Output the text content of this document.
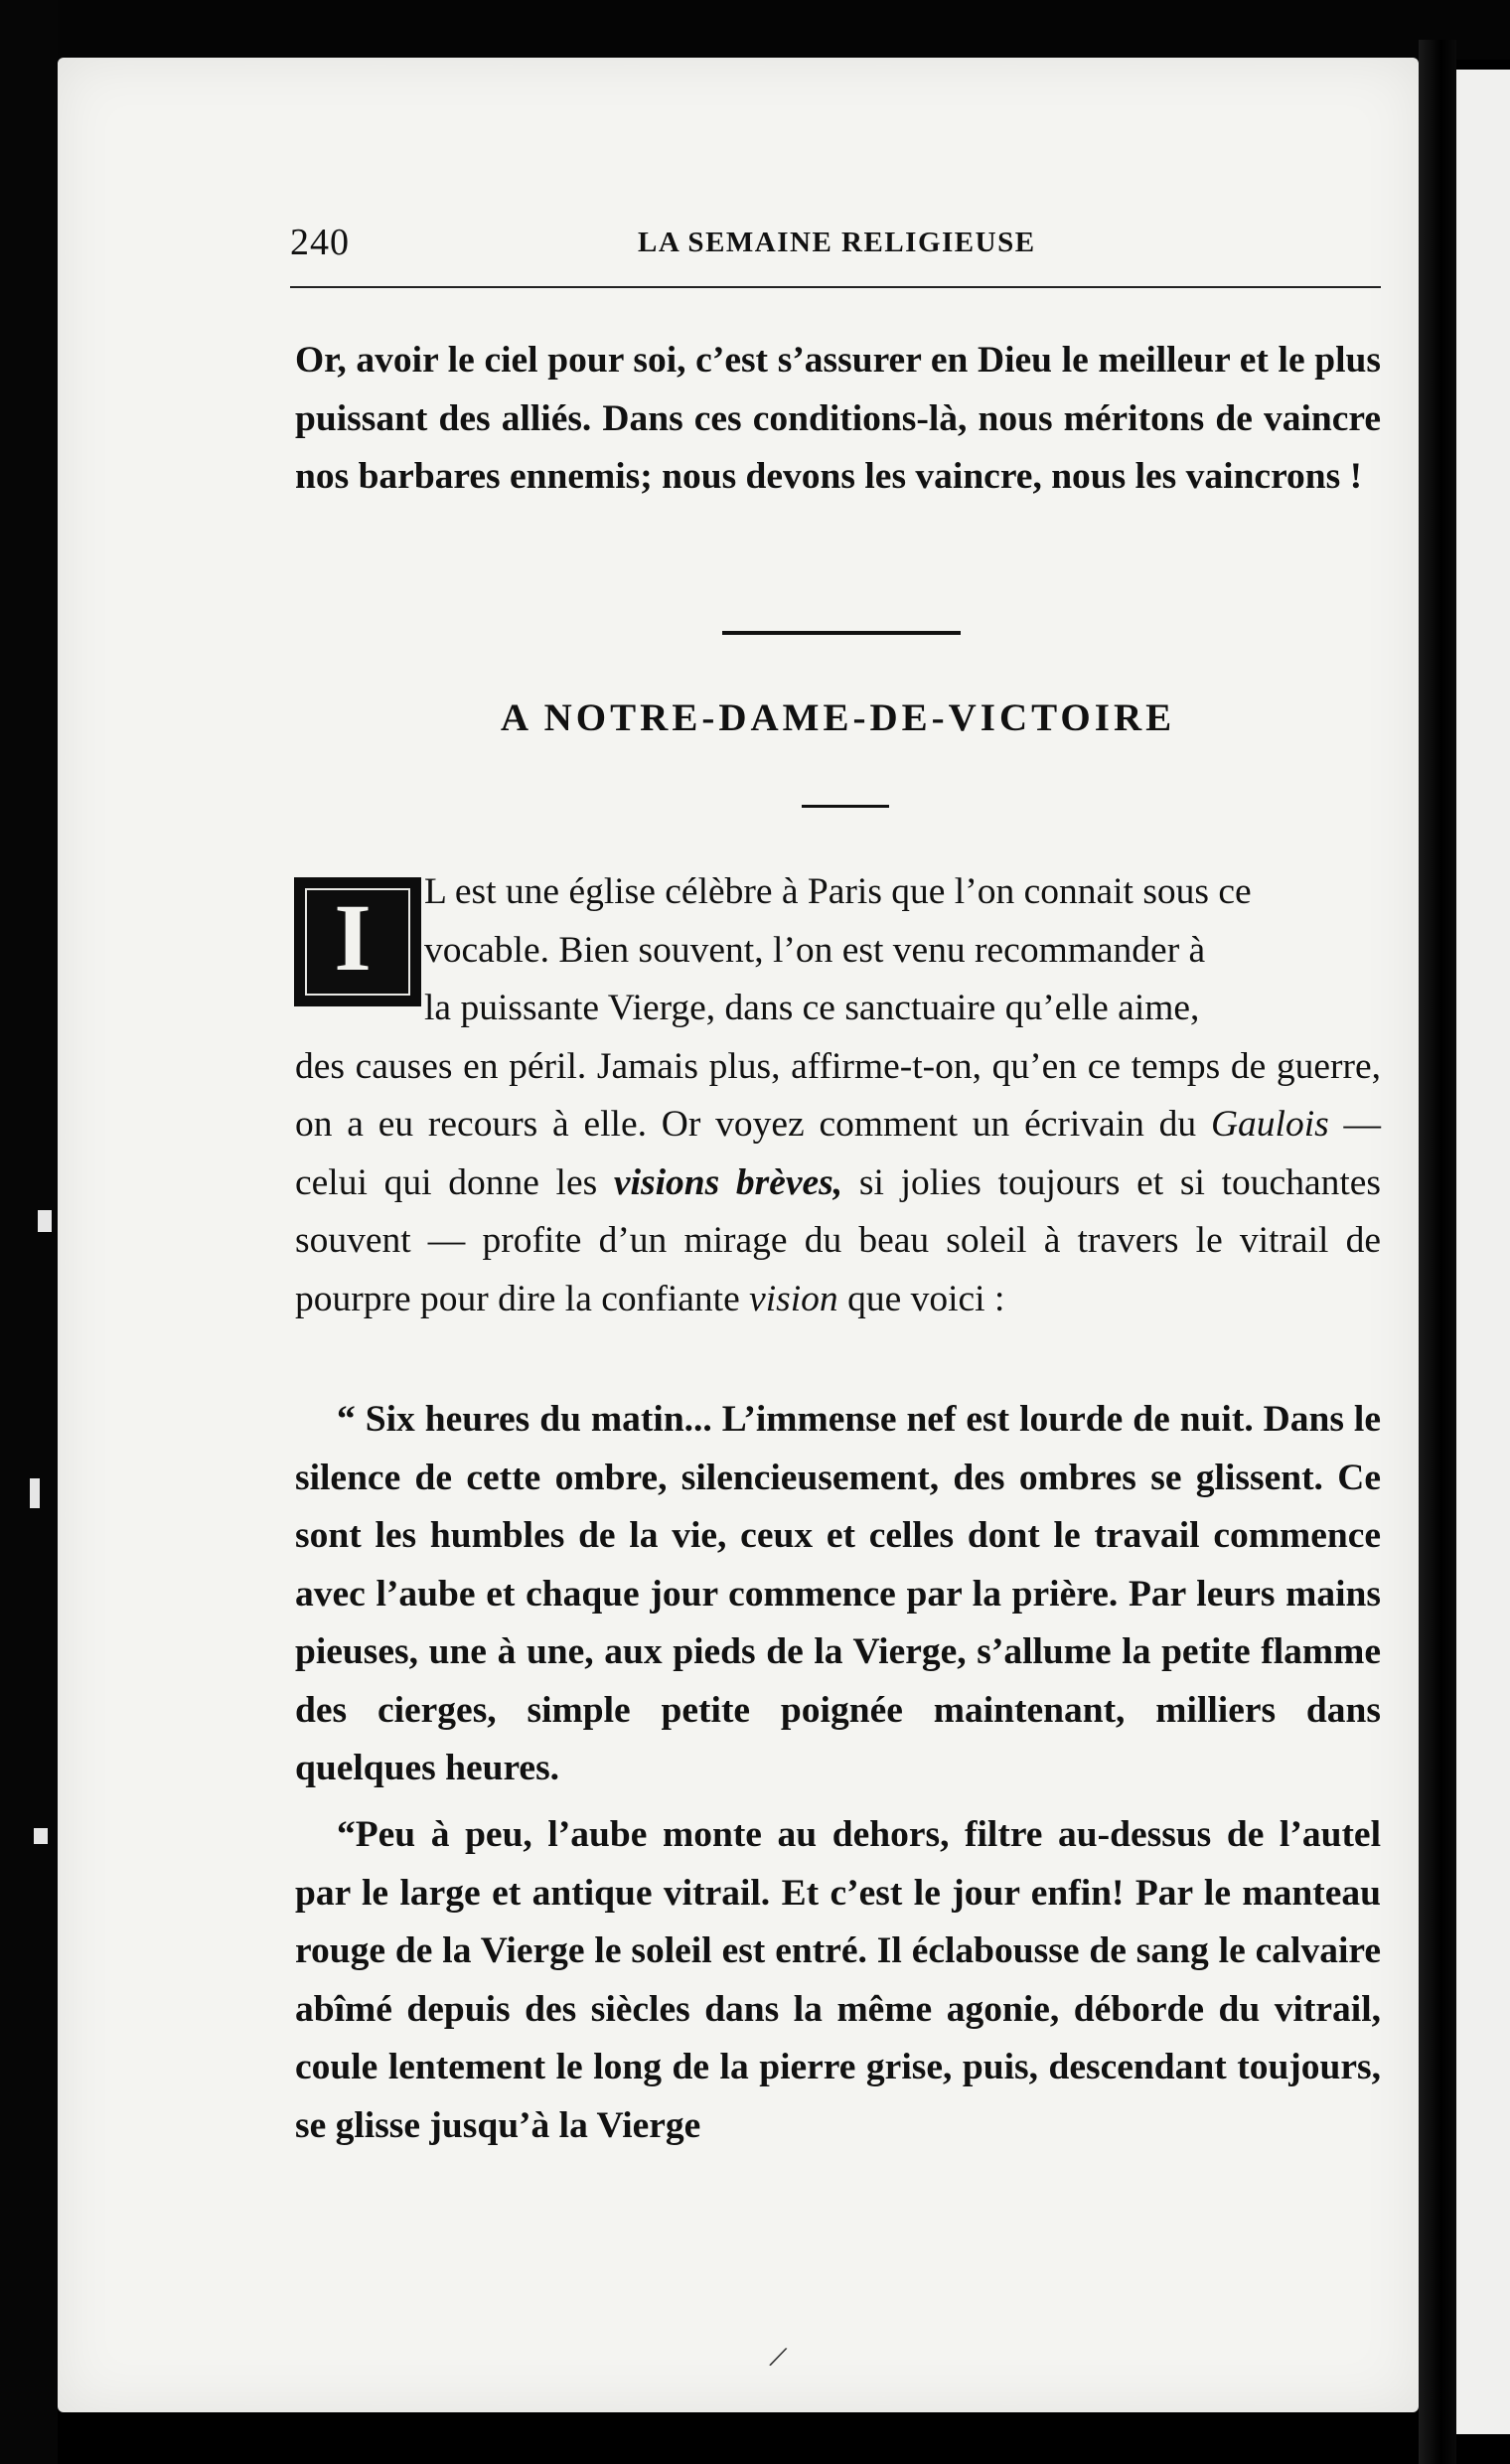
240	LA SEMAINE RELIGIEUSE
Or, avoir le ciel pour soi, c’est s’assurer en Dieu le meilleur et le plus puissant des alliés. Dans ces conditions-là, nous méritons de vaincre nos barbares ennemis; nous devons les vaincre, nous les vaincrons !
A NOTRE-DAME-DE-VICTOIRE
I	L est une église célèbre à Paris que l’on connait sous ce
vocable. Bien souvent, l’on est venu recommander à
la puissante Vierge, dans ce sanctuaire qu’elle aime,
des causes en péril. Jamais plus, affirme-t-on, qu’en ce temps de guerre, on a eu recours à elle. Or voyez comment un écrivain du Gaulois — celui qui donne les visions brèves, si jolies toujours et si touchantes souvent — profite d’un mirage du beau soleil à travers le vitrail de pourpre pour dire la confiante vision que voici :
“ Six heures du matin... L’immense nef est lourde de nuit. Dans le silence de cette ombre, silencieusement, des ombres se glissent. Ce sont les humbles de la vie, ceux et celles dont le travail commence avec l’aube et chaque jour commence par la prière. Par leurs mains pieuses, une à une, aux pieds de la Vierge, s’allume la petite flamme des cierges, simple petite poignée maintenant, milliers dans quelques heures.
“Peu à peu, l’aube monte au dehors, filtre au-dessus de l’autel par le large et antique vitrail. Et c’est le jour enfin! Par le manteau rouge de la Vierge le soleil est entré. Il éclabousse de sang le calvaire abîmé depuis des siècles dans la même agonie, déborde du vitrail, coule lentement le long de la pierre grise, puis, descendant toujours, se glisse jusqu’à la Vierge
/
